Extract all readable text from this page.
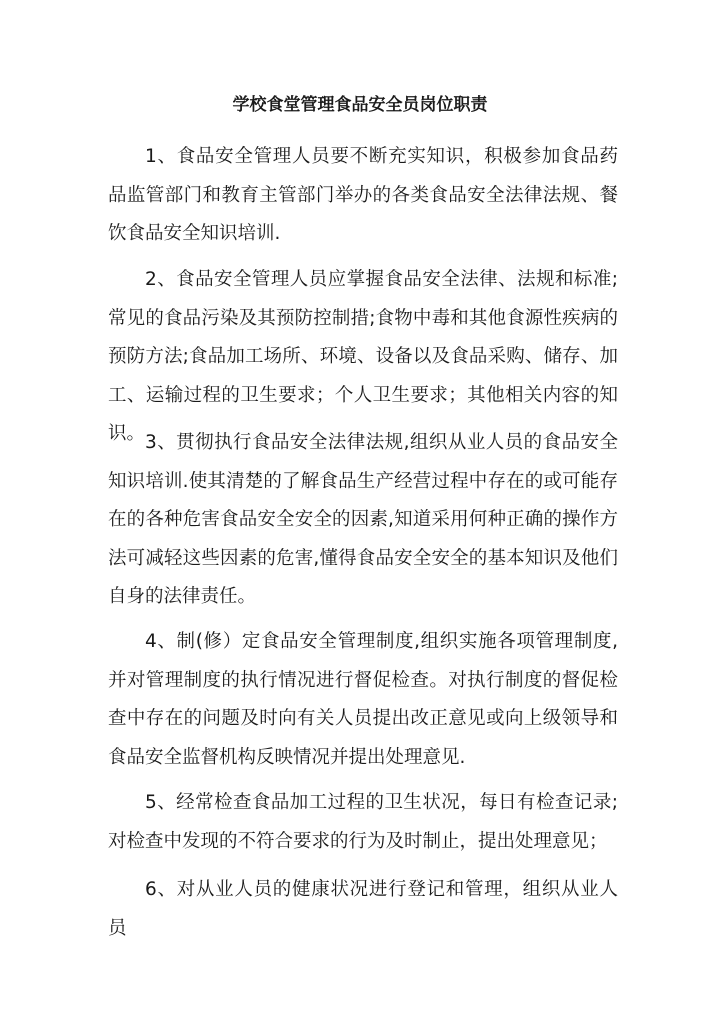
学校食堂管理食品安全员岗位职责

1、食品安全管理人员要不断充实知识，积极参加食品药品监管部门和教育主管部门举办的各类食品安全法律法规、餐饮食品安全知识培训.

2、食品安全管理人员应掌握食品安全法律、法规和标准;常见的食品污染及其预防控制措;食物中毒和其他食源性疾病的预防方法;食品加工场所、环境、设备以及食品采购、储存、加工、运输过程的卫生要求；个人卫生要求；其他相关内容的知识。 3、贯彻执行食品安全法律法规,组织从业人员的食品安全知识培训.使其清楚的了解食品生产经营过程中存在的或可能存在的各种危害食品安全安全的因素,知道采用何种正确的操作方法可减轻这些因素的危害,懂得食品安全安全的基本知识及他们自身的法律责任。

4、制(修）定食品安全管理制度,组织实施各项管理制度,并对管理制度的执行情况进行督促检查。对执行制度的督促检查中存在的问题及时向有关人员提出改正意见或向上级领导和食品安全监督机构反映情况并提出处理意见.

5、经常检查食品加工过程的卫生状况，每日有检查记录;对检查中发现的不符合要求的行为及时制止，提出处理意见；

6、对从业人员的健康状况进行登记和管理，组织从业人员
